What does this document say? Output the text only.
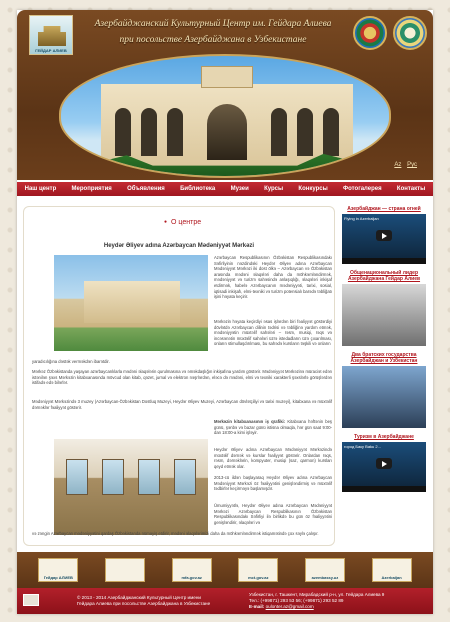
ГЕЙДАР АЛИЕВ
Азербайджанский Культурный Центр им. Гейдара Алиева
при посольстве Азербайджана в Узбекистане
Az Рус
Наш центр	Мероприятия	Объявления	Библиотека	Музеи	Курсы	Конкурсы	Фотогалерея	Контакты
● О центре
Heydər Əliyev adına Azərbaycan Mədəniyyət Mərkəzi
Azərbaycan Respublikasının Özbəkistan Respublikasındakı Səfirliyinin nəzdindəki Heydər Əliyev adına Azərbaycan Mədəniyyət Mərkəzi iki dost ölkə – Azərbaycan və Özbəkistan arasında mədəni əlaqələri daha da möhkəmləndirmək, mədəniyyət və turizm sahəsində anlaşıqlığı, əlaqələri inkişaf etdirmək, habelə Azərbaycanın mədəniyyəti, tarixi, sosial, iqtisadi inkişafı, elmi-texniki və turizm potensialı barədə təbliğatı işini həyata keçirir.
Mərkəzin həyata keçirdiyi əsas işlərdən biri fəaliyyət göstərdiyi dövlətdə Azərbaycan dilinin tədrisi və təbliğinə yardım etmək, mədəniyyətin müxtəlif sahələri – rəsm, musiqi, rəqs və incəsənətin müxtəlif sahələri üzrə istedadların üzə çıxarılması, onların stimullaşdırılması, bu sahədə kursların təşkili və onların
yaradıcılığına dəstək verməkdən ibarətdir.
Mərkəz Özbəkistanda yaşayan azərbaycanlılarla mədəni əlaqələrin qurulmasına və əməkdaşlığın inkişafına yardım göstərir. Mədəniyyət Mərkəzinə müraciət edən istənilən şəxs Mərkəzin kitabxanasında mövcud olan kitab, qəzet, jurnal və elektron nəşrlərdən, eləcə də mədəni, elmi və texniki xarakterli şəxslərlə görüşlərdən istifadə edə bilərlər.
Mədəniyyət Mərkəzində 3 muzey (Azərbaycan-Özbəkistan Dostluq Muzeyi, Heydər Əliyev Muzeyi, Azərbaycan dövlətçiliyi və tarixi muzeyi), kitabxana və müxtəlif dərnəklər fəaliyyət göstərir.
Mərkəzin kitabxanasının iş qrafiki: Kitabxana həftənin beş günü, şənbə və bazar günü istisna olmaqla, hər gün saat 9:00-dan 18:00-a kimi işləyir.
Heydər Əliyev adına Azərbaycan Mədəniyyət Mərkəzində müxtəlif dərnək və kurslar fəaliyyət göstərir. Onlardan rəqs, rəsm, dərnəklərin, kompyuter, musiqi (saz, qarmon) kursları qeyd etmək olar.
2013-cü ildən başlayaraq Heydər Əliyev adına Azərbaycan Mədəniyyət Mərkəzi öz fəaliyyətini genişləndirmiş və müxtəlif tədbirlər keçirməyə başlamışdır.
Ümumiyyətlə, Heydər Əliyev adına Azərbaycan Mədəniyyət Mərkəzi Azərbaycan Respublikasının Özbəkistan Respublikasındakı Səfirliyi ilə birlikdə bu gün öz fəaliyyətini genişləndirir, əlaqələri və
və zəngin Azərbaycan mədəniyyətini qardaş Özbəkistanda nümayiş etdirir, mədəni əlaqələrimizi daha da möhkəmləndirmək istiqamətində çox səylə çalışır.
Азербайджан — страна огней
Flying in Azerbaijan
Общенациональный лидер Азербайджана Гейдар Алиев
Два братских государства Азербайджан и Узбекистан
Туризм в Азербайджане
город Баку Baku 2...
Гейдар АЛИЕВ	mfa.gov.az	mct.gov.az	azembassy.uz	Azerbaijan
© 2013 - 2014 Азербайджанский Культурный Центр имени Гейдара Алиева при посольстве Азербайджана в Узбекистане
Узбекистан, г. Ташкент, Мирабадский р-н, ул. Гейдара Алиева 9
Тел.: (+99871) 293 53 56; (+99871) 293 52 89
E-mail: oulonter.az@gmail.com
